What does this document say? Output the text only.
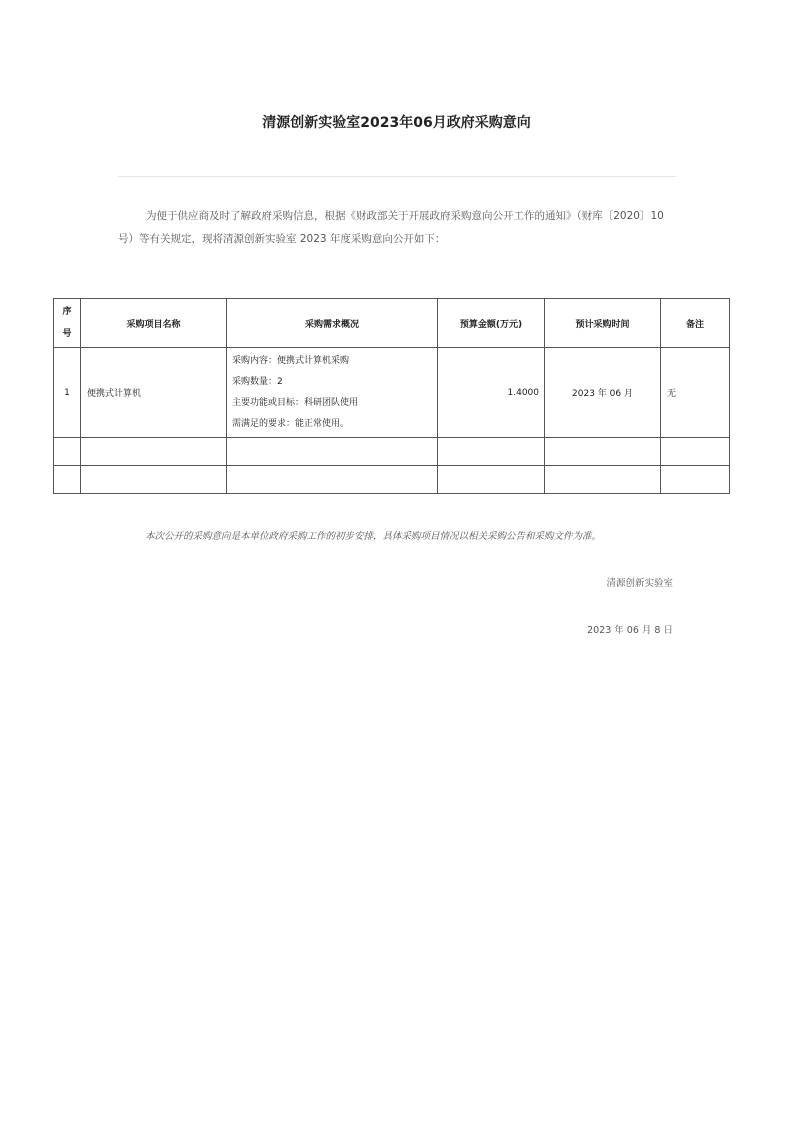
清源创新实验室2023年06月政府采购意向
为便于供应商及时了解政府采购信息，根据《财政部关于开展政府采购意向公开工作的通知》（财库〔2020〕10 号）等有关规定，现将清源创新实验室 2023 年度采购意向公开如下：
序
号	采购项目名称	采购需求概况	预算金额(万元)	预计采购时间	备注
1	便携式计算机	采购内容：便携式计算机采购
采购数量：2
主要功能或目标：科研团队使用
需满足的要求：能正常使用。	1.4000	2023 年 06 月	无

本次公开的采购意向是本单位政府采购工作的初步安排，具体采购项目情况以相关采购公告和采购文件为准。
清源创新实验室
2023 年 06 月 8 日
